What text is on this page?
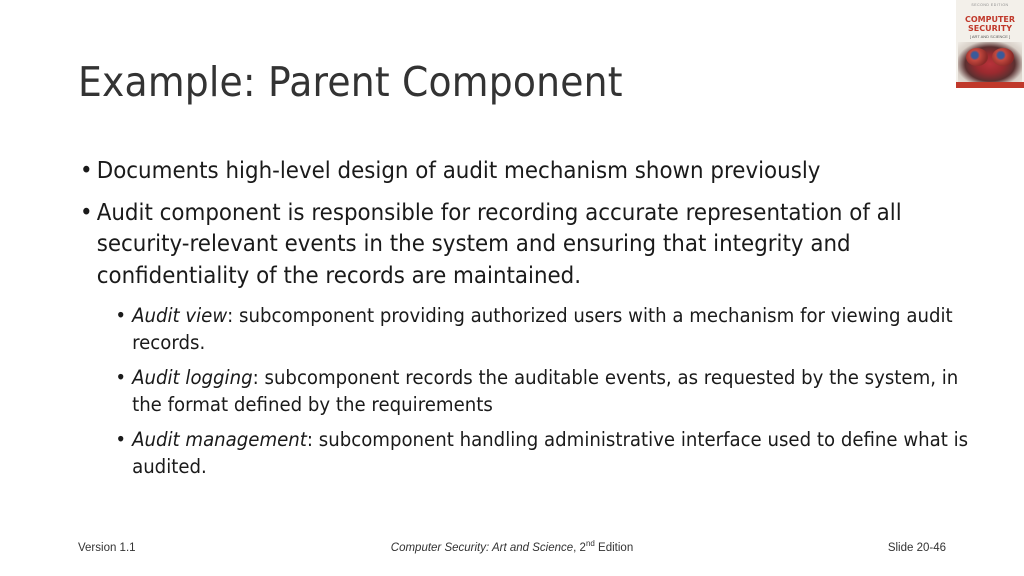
Example: Parent Component
SECOND EDITION
COMPUTER
SECURITY
[ ART AND SCIENCE ]
• Documents high-level design of audit mechanism shown previously
• Audit component is responsible for recording accurate representation of all security-relevant events in the system and ensuring that integrity and confidentiality of the records are maintained.
• Audit view: subcomponent providing authorized users with a mechanism for viewing audit records.
• Audit logging: subcomponent records the auditable events, as requested by the system, in the format defined by the requirements
• Audit management: subcomponent handling administrative interface used to define what is audited.
Version 1.1	Computer Security: Art and Science, 2nd Edition	Slide 20-46
